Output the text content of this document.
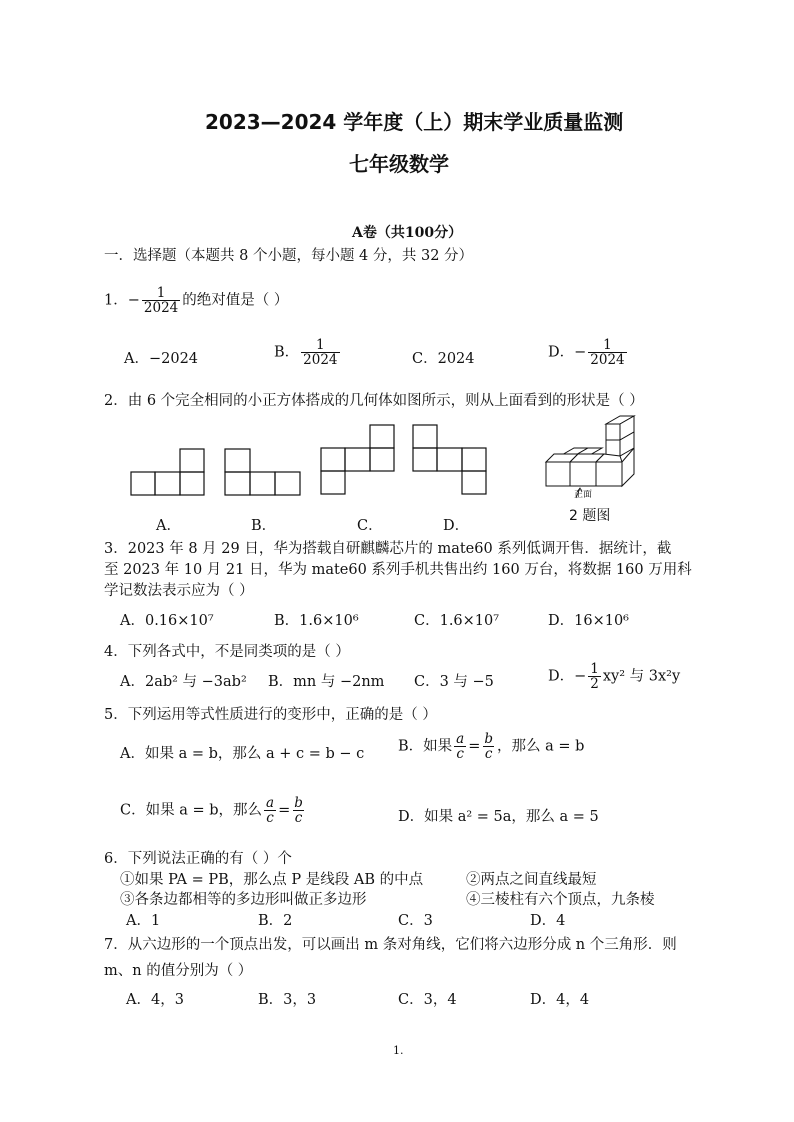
2023—2024 学年度（上）期末学业质量监测
七年级数学
A卷（共100分）
一．选择题（本题共 8 个小题，每小题 4 分，共 32 分）
1．− $\frac{1}{2024}$ 的绝对值是（ ）
A．−2024	B． $\frac{1}{2024}$	C．2024	D．− $\frac{1}{2024}$
2．由 6 个完全相同的小正方体搭成的几何体如图所示，则从上面看到的形状是（ ）
正面
2 题图
A．	B．	C．	D．
3．2023 年 8 月 29 日，华为搭载自研麒麟芯片的 mate60 系列低调开售．据统计，截
至 2023 年 10 月 21 日，华为 mate60 系列手机共售出约 160 万台，将数据 160 万用科
学记数法表示应为（ ）
A．0.16×10⁷	B．1.6×10⁶	C．1.6×10⁷	D．16×10⁶
4．下列各式中，不是同类项的是（ ）
A．2ab² 与 −3ab² B．mn 与 −2nm C．3 与 −5	D．− $\frac{1}{2} xy^2$ 与 3x²y
5．下列运用等式性质进行的变形中，正确的是（ ）
A．如果 a = b，那么 a + c = b − c B．如果 $\frac{a}{c} = \frac{b}{c}$ ，那么 a = b
C．如果 a = b，那么 $\frac{a}{c} = \frac{b}{c}$	D．如果 a² = 5a，那么 a = 5
6．下列说法正确的有（ ）个
①如果 PA = PB，那么点 P 是线段 AB 的中点	②两点之间直线最短
③各条边都相等的多边形叫做正多边形	④三棱柱有六个顶点，九条棱
A．1	B．2	C．3	D．4
7．从六边形的一个顶点出发，可以画出 m 条对角线，它们将六边形分成 n 个三角形．则
m、n 的值分别为（ ）
A．4，3	B．3，3	C．3，4	D．4，4
1.
